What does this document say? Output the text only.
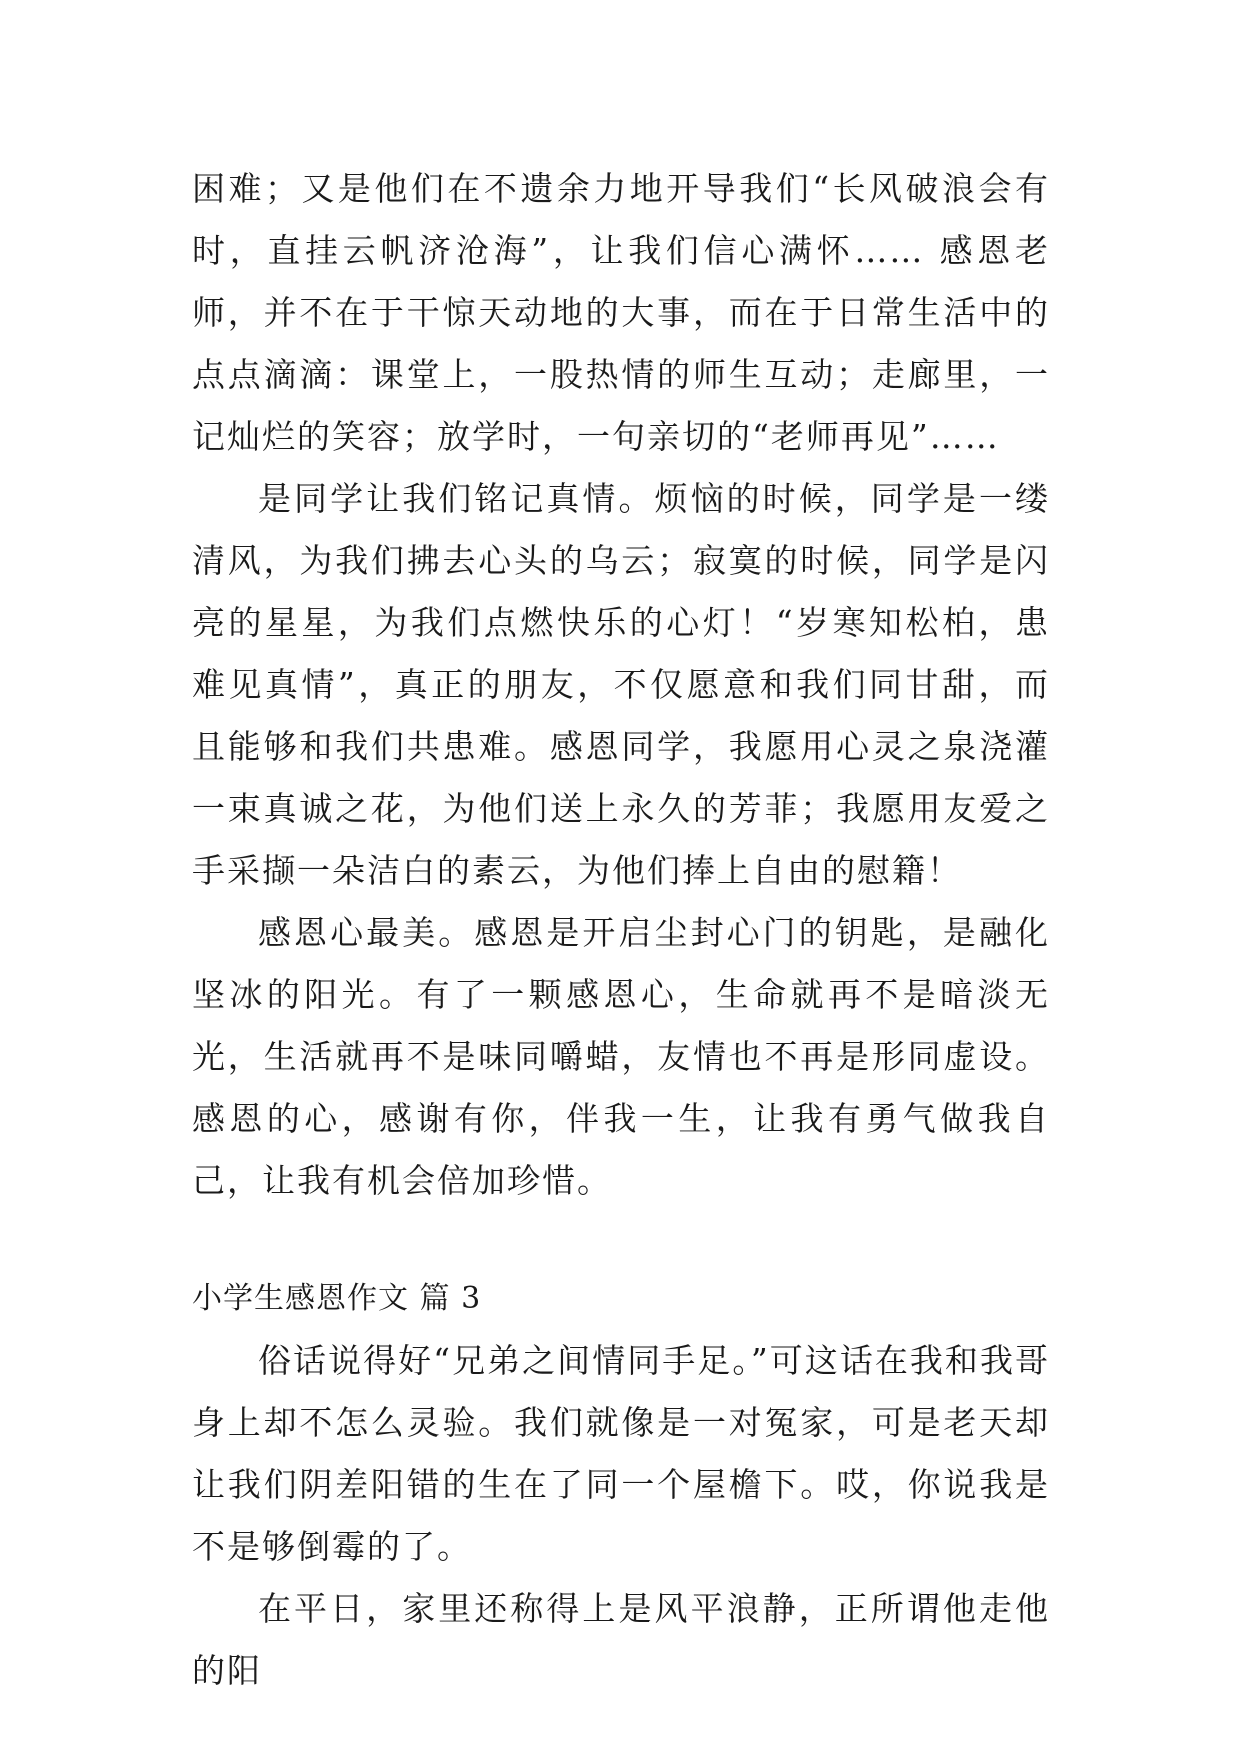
困难；又是他们在不遗余力地开导我们“长风破浪会有时，直挂云帆济沧海”，让我们信心满怀…… 感恩老师，并不在于干惊天动地的大事，而在于日常生活中的点点滴滴：课堂上，一股热情的师生互动；走廊里，一记灿烂的笑容；放学时，一句亲切的“老师再见”……

是同学让我们铭记真情。烦恼的时候，同学是一缕清风，为我们拂去心头的乌云；寂寞的时候，同学是闪亮的星星，为我们点燃快乐的心灯！“岁寒知松柏，患难见真情”，真正的朋友，不仅愿意和我们同甘甜，而且能够和我们共患难。感恩同学，我愿用心灵之泉浇灌一束真诚之花，为他们送上永久的芳菲；我愿用友爱之手采撷一朵洁白的素云，为他们捧上自由的慰籍！

感恩心最美。感恩是开启尘封心门的钥匙，是融化坚冰的阳光。有了一颗感恩心，生命就再不是暗淡无光，生活就再不是味同嚼蜡，友情也不再是形同虚设。 感恩的心，感谢有你，伴我一生，让我有勇气做我自己，让我有机会倍加珍惜。

小学生感恩作文 篇 3

俗话说得好“兄弟之间情同手足。”可这话在我和我哥身上却不怎么灵验。我们就像是一对冤家，可是老天却让我们阴差阳错的生在了同一个屋檐下。哎，你说我是不是够倒霉的了。

在平日，家里还称得上是风平浪静，正所谓他走他的阳
